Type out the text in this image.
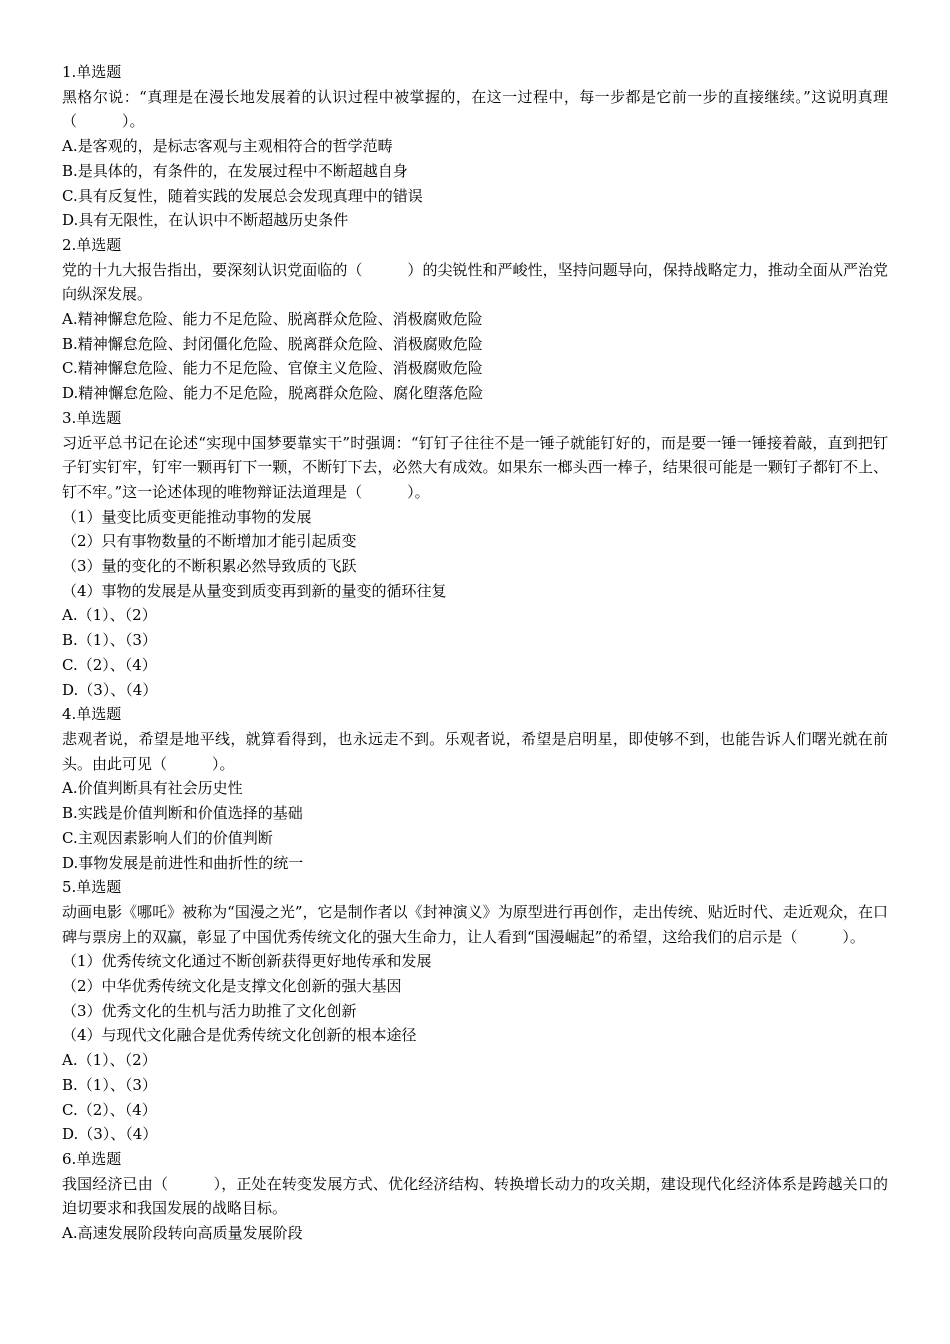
1.单选题

黑格尔说：“真理是在漫长地发展着的认识过程中被掌握的，在这一过程中，每一步都是它前一步的直接继续。”这说明真理（　　　）。

A.是客观的，是标志客观与主观相符合的哲学范畴

B.是具体的，有条件的，在发展过程中不断超越自身

C.具有反复性，随着实践的发展总会发现真理中的错误

D.具有无限性，在认识中不断超越历史条件

2.单选题

党的十九大报告指出，要深刻认识党面临的（　　　）的尖锐性和严峻性，坚持问题导向，保持战略定力，推动全面从严治党向纵深发展。

A.精神懈怠危险、能力不足危险、脱离群众危险、消极腐败危险

B.精神懈怠危险、封闭僵化危险、脱离群众危险、消极腐败危险

C.精神懈怠危险、能力不足危险、官僚主义危险、消极腐败危险

D.精神懈怠危险、能力不足危险，脱离群众危险、腐化堕落危险

3.单选题

习近平总书记在论述“实现中国梦要靠实干”时强调：“钉钉子往往不是一锤子就能钉好的，而是要一锤一锤接着敲，直到把钉子钉实钉牢，钉牢一颗再钉下一颗，不断钉下去，必然大有成效。如果东一榔头西一棒子，结果很可能是一颗钉子都钉不上、钉不牢。”这一论述体现的唯物辩证法道理是（　　　）。

（1）量变比质变更能推动事物的发展

（2）只有事物数量的不断增加才能引起质变

（3）量的变化的不断积累必然导致质的飞跃

（4）事物的发展是从量变到质变再到新的量变的循环往复

A.（1）、（2）

B.（1）、（3）

C.（2）、（4）

D.（3）、（4）

4.单选题

悲观者说，希望是地平线，就算看得到，也永远走不到。乐观者说，希望是启明星，即使够不到，也能告诉人们曙光就在前头。由此可见（　　　）。

A.价值判断具有社会历史性

B.实践是价值判断和价值选择的基础

C.主观因素影响人们的价值判断

D.事物发展是前进性和曲折性的统一

5.单选题

动画电影《哪吒》被称为“国漫之光”，它是制作者以《封神演义》为原型进行再创作，走出传统、贴近时代、走近观众，在口碑与票房上的双赢，彰显了中国优秀传统文化的强大生命力，让人看到“国漫崛起”的希望，这给我们的启示是（　　　）。

（1）优秀传统文化通过不断创新获得更好地传承和发展

（2）中华优秀传统文化是支撑文化创新的强大基因

（3）优秀文化的生机与活力助推了文化创新

（4）与现代文化融合是优秀传统文化创新的根本途径

A.（1）、（2）

B.（1）、（3）

C.（2）、（4）

D.（3）、（4）

6.单选题

我国经济已由（　　　），正处在转变发展方式、优化经济结构、转换增长动力的攻关期，建设现代化经济体系是跨越关口的迫切要求和我国发展的战略目标。

A.高速发展阶段转向高质量发展阶段
